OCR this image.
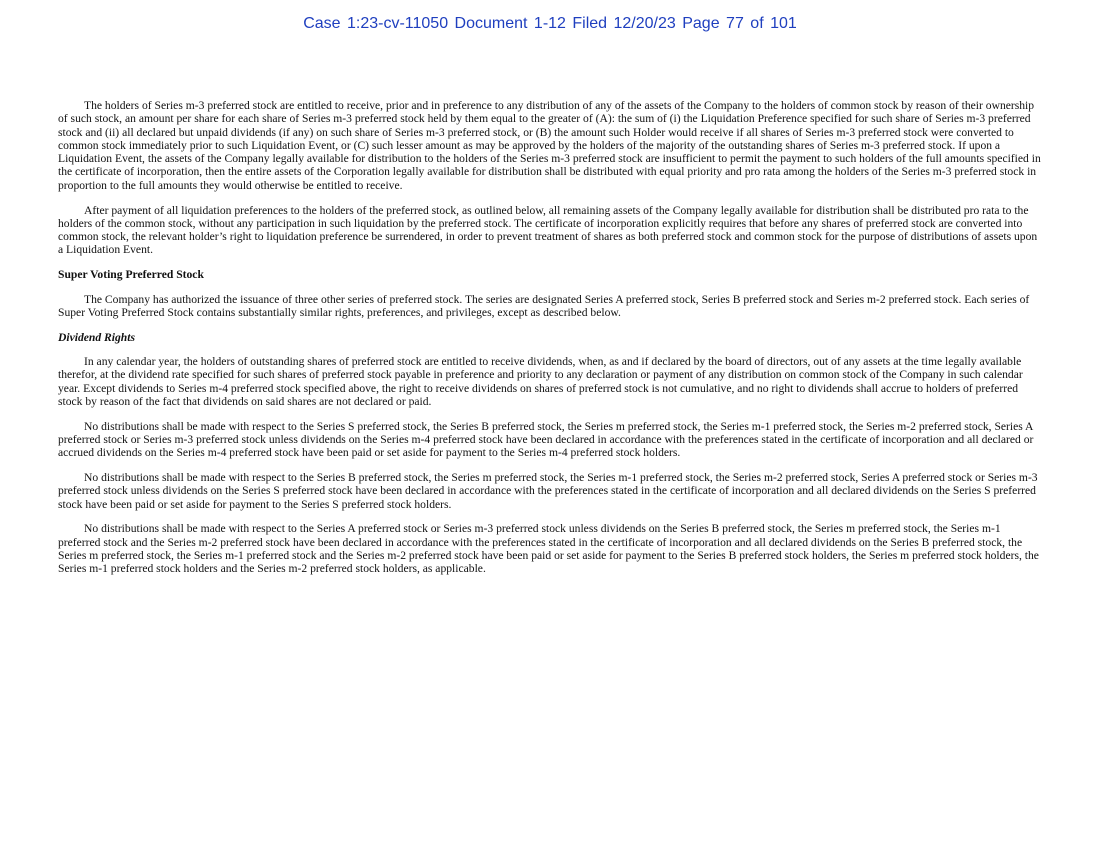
Case 1:23-cv-11050 Document 1-12 Filed 12/20/23 Page 77 of 101

The holders of Series m-3 preferred stock are entitled to receive, prior and in preference to any distribution of any of the assets of the Company to the holders of common stock by reason of their ownership of such stock, an amount per share for each share of Series m-3 preferred stock held by them equal to the greater of (A): the sum of (i) the Liquidation Preference specified for such share of Series m-3 preferred stock and (ii) all declared but unpaid dividends (if any) on such share of Series m-3 preferred stock, or (B) the amount such Holder would receive if all shares of Series m-3 preferred stock were converted to common stock immediately prior to such Liquidation Event, or (C) such lesser amount as may be approved by the holders of the majority of the outstanding shares of Series m-3 preferred stock. If upon a Liquidation Event, the assets of the Company legally available for distribution to the holders of the Series m-3 preferred stock are insufficient to permit the payment to such holders of the full amounts specified in the certificate of incorporation, then the entire assets of the Corporation legally available for distribution shall be distributed with equal priority and pro rata among the holders of the Series m-3 preferred stock in proportion to the full amounts they would otherwise be entitled to receive.

After payment of all liquidation preferences to the holders of the preferred stock, as outlined below, all remaining assets of the Company legally available for distribution shall be distributed pro rata to the holders of the common stock, without any participation in such liquidation by the preferred stock. The certificate of incorporation explicitly requires that before any shares of preferred stock are converted into common stock, the relevant holder’s right to liquidation preference be surrendered, in order to prevent treatment of shares as both preferred stock and common stock for the purpose of distributions of assets upon a Liquidation Event.

Super Voting Preferred Stock

The Company has authorized the issuance of three other series of preferred stock. The series are designated Series A preferred stock, Series B preferred stock and Series m-2 preferred stock. Each series of Super Voting Preferred Stock contains substantially similar rights, preferences, and privileges, except as described below.

Dividend Rights

In any calendar year, the holders of outstanding shares of preferred stock are entitled to receive dividends, when, as and if declared by the board of directors, out of any assets at the time legally available therefor, at the dividend rate specified for such shares of preferred stock payable in preference and priority to any declaration or payment of any distribution on common stock of the Company in such calendar year. Except dividends to Series m-4 preferred stock specified above, the right to receive dividends on shares of preferred stock is not cumulative, and no right to dividends shall accrue to holders of preferred stock by reason of the fact that dividends on said shares are not declared or paid.

No distributions shall be made with respect to the Series S preferred stock, the Series B preferred stock, the Series m preferred stock, the Series m-1 preferred stock, the Series m-2 preferred stock, Series A preferred stock or Series m-3 preferred stock unless dividends on the Series m-4 preferred stock have been declared in accordance with the preferences stated in the certificate of incorporation and all declared or accrued dividends on the Series m-4 preferred stock have been paid or set aside for payment to the Series m-4 preferred stock holders.

No distributions shall be made with respect to the Series B preferred stock, the Series m preferred stock, the Series m-1 preferred stock, the Series m-2 preferred stock, Series A preferred stock or Series m-3 preferred stock unless dividends on the Series S preferred stock have been declared in accordance with the preferences stated in the certificate of incorporation and all declared dividends on the Series S preferred stock have been paid or set aside for payment to the Series S preferred stock holders.

No distributions shall be made with respect to the Series A preferred stock or Series m-3 preferred stock unless dividends on the Series B preferred stock, the Series m preferred stock, the Series m-1 preferred stock and the Series m-2 preferred stock have been declared in accordance with the preferences stated in the certificate of incorporation and all declared dividends on the Series B preferred stock, the Series m preferred stock, the Series m-1 preferred stock and the Series m-2 preferred stock have been paid or set aside for payment to the Series B preferred stock holders, the Series m preferred stock holders, the Series m-1 preferred stock holders and the Series m-2 preferred stock holders, as applicable.
